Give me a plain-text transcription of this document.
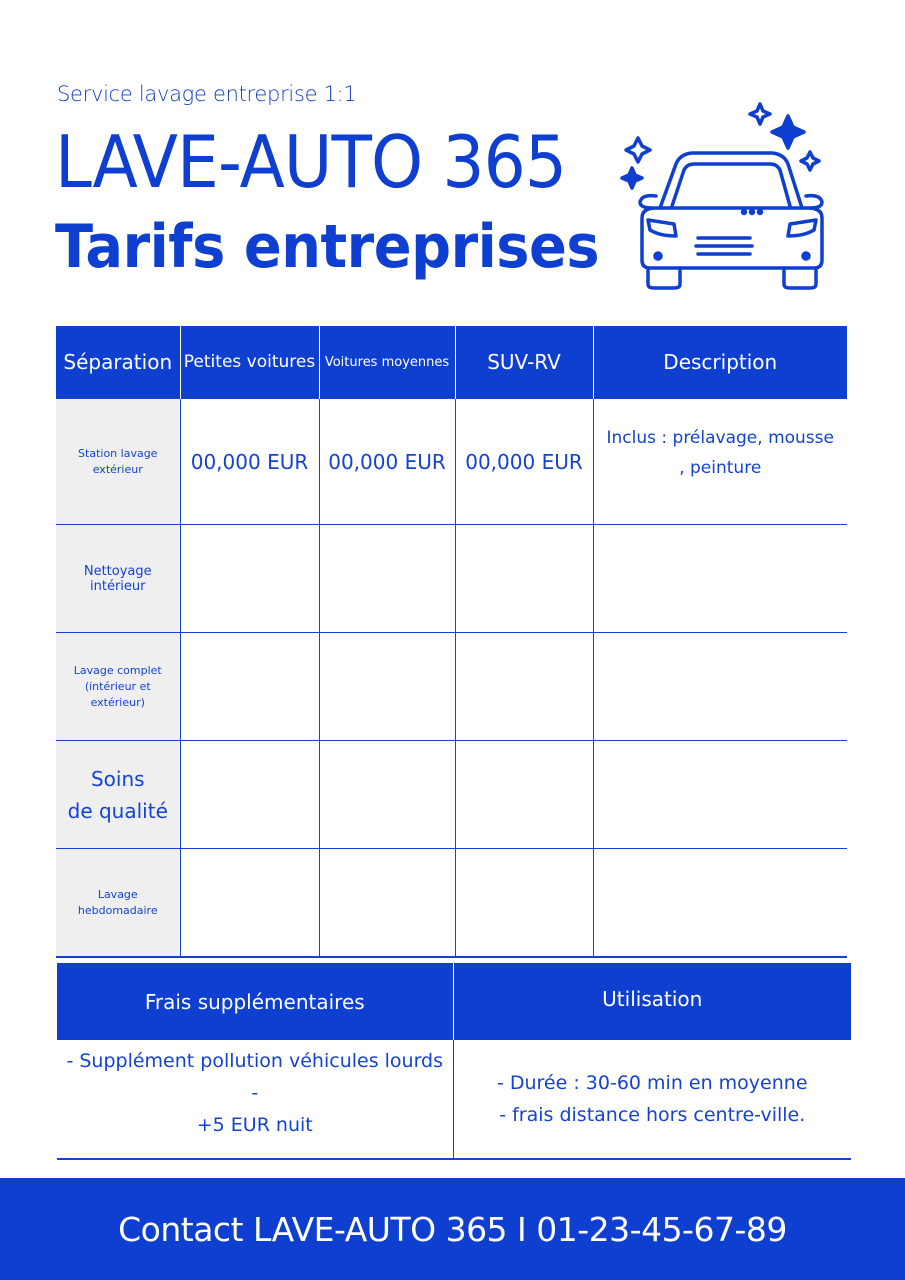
Service lavage entreprise 1:1
LAVE-AUTO 365
Tarifs entreprises
Séparation	Petites voitures	Voitures moyennes	SUV-RV	Description
Station lavage extérieur	00,000 EUR	00,000 EUR	00,000 EUR	Inclus : prélavage, mousse
, peinture

Nettoyage intérieur				

Lavage complet
(intérieur et extérieur)				

Soins
de qualité				

Lavage hebdomadaire				
Frais supplémentaires	Utilisation

- Supplément pollution véhicules lourds -
+5 EUR nuit	- Durée : 30-60 min en moyenne
- frais distance hors centre-ville.
Contact LAVE-AUTO 365 I 01-23-45-67-89
